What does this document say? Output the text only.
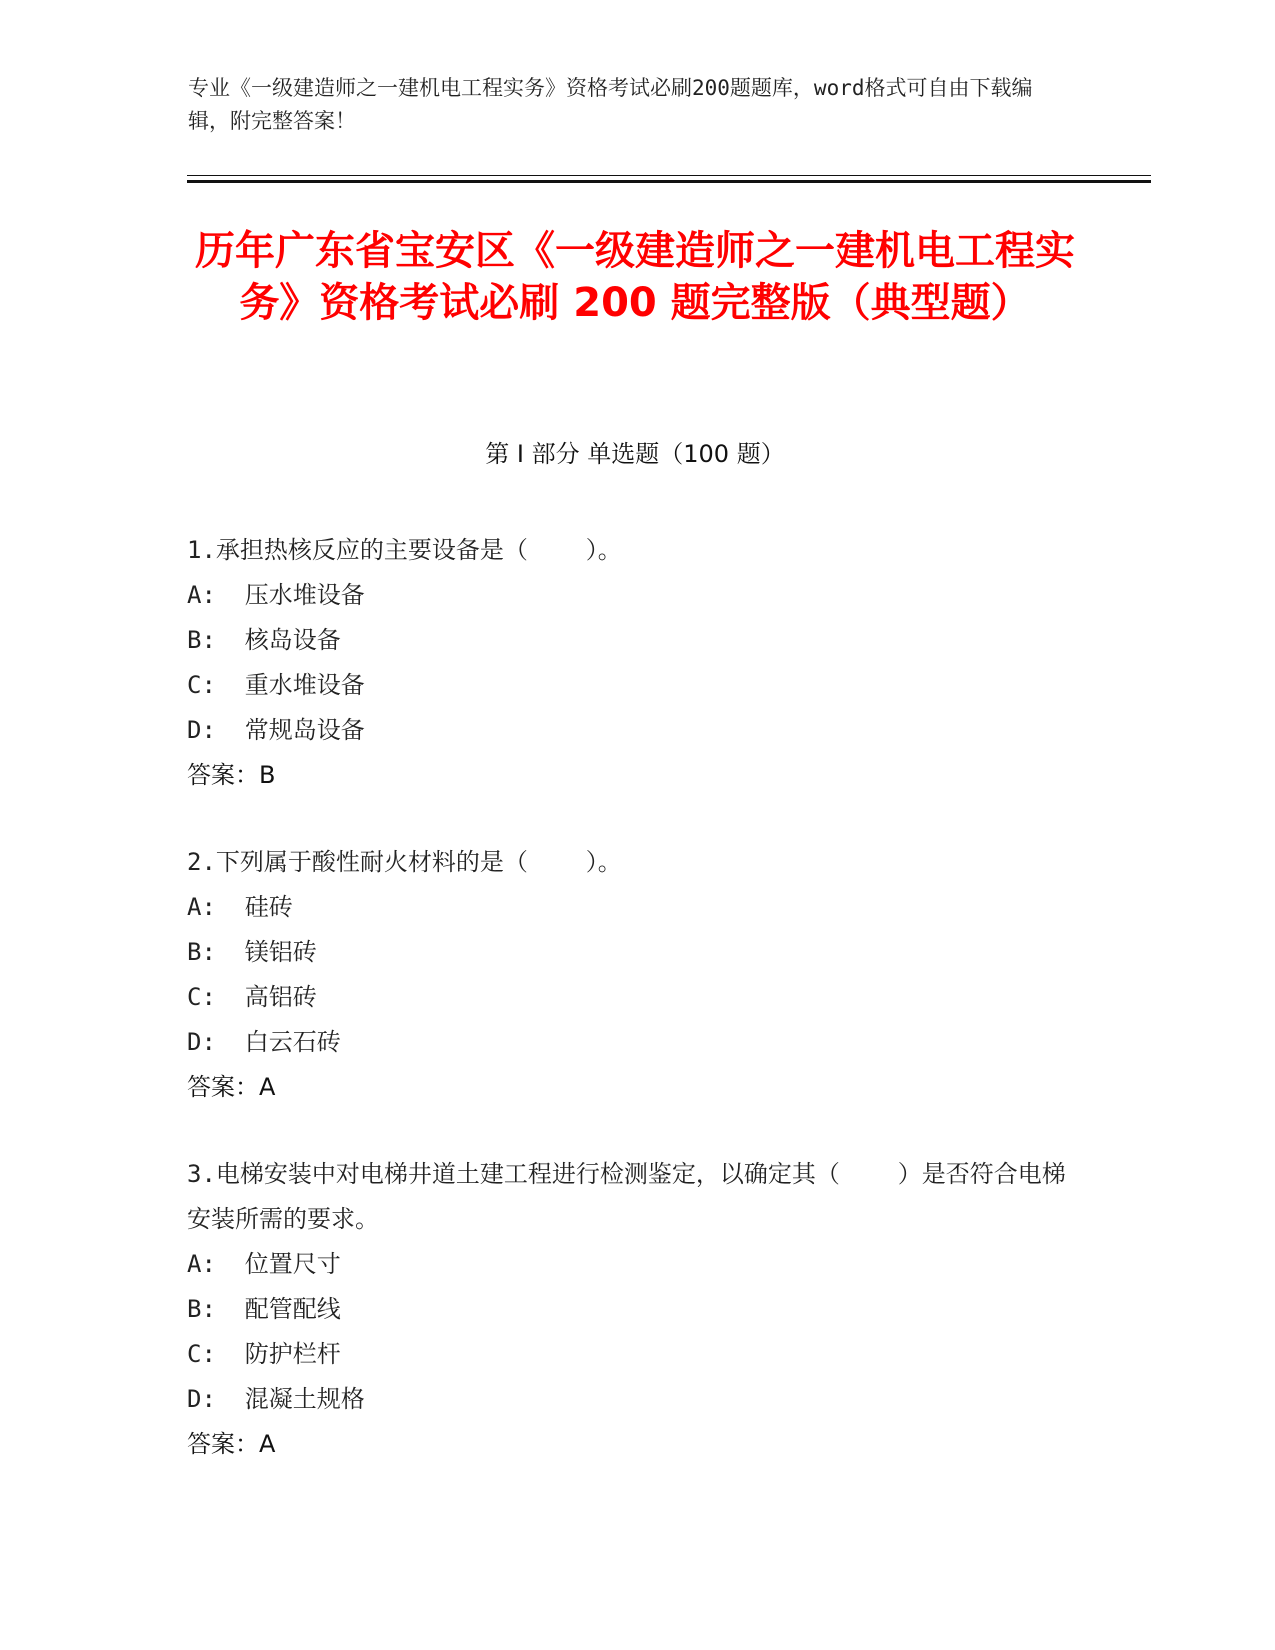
专业《一级建造师之一建机电工程实务》资格考试必刷200题题库，word格式可自由下载编辑，附完整答案！
历年广东省宝安区《一级建造师之一建机电工程实务》资格考试必刷 200 题完整版（典型题）
第 I 部分 单选题（100 题）
1.承担热核反应的主要设备是（    ）。
A:  压水堆设备
B:  核岛设备
C:  重水堆设备
D:  常规岛设备
答案：B
2.下列属于酸性耐火材料的是（    ）。
A:  硅砖
B:  镁铝砖
C:  高铝砖
D:  白云石砖
答案：A
3.电梯安装中对电梯井道土建工程进行检测鉴定，以确定其（    ）是否符合电梯安装所需的要求。
A:  位置尺寸
B:  配管配线
C:  防护栏杆
D:  混凝土规格
答案：A
